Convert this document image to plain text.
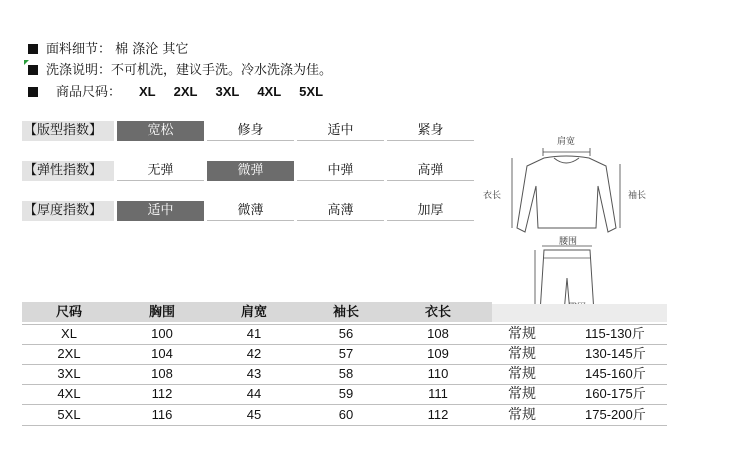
面料细节： 棉 涤沦 其它
洗涤说明：不可机洗，建议手洗。冷水洗涤为佳。
商品尺码： XL 2XL 3XL 4XL 5XL
【版型指数】	宽松	修身	适中	紧身
【弹性指数】	无弹	微弹	中弹	高弹
【厚度指数】	适中	微薄	高薄	加厚
肩宽
衣长	袖长
腰围
尺码	胸围	肩宽	袖长	衣长
XL	100	41	56	108	常规	115-130斤
2XL	104	42	57	109	常规	130-145斤
3XL	108	43	58	110	常规	145-160斤
4XL	112	44	59	111	常规	160-175斤
5XL	116	45	60	112	常规	175-200斤
